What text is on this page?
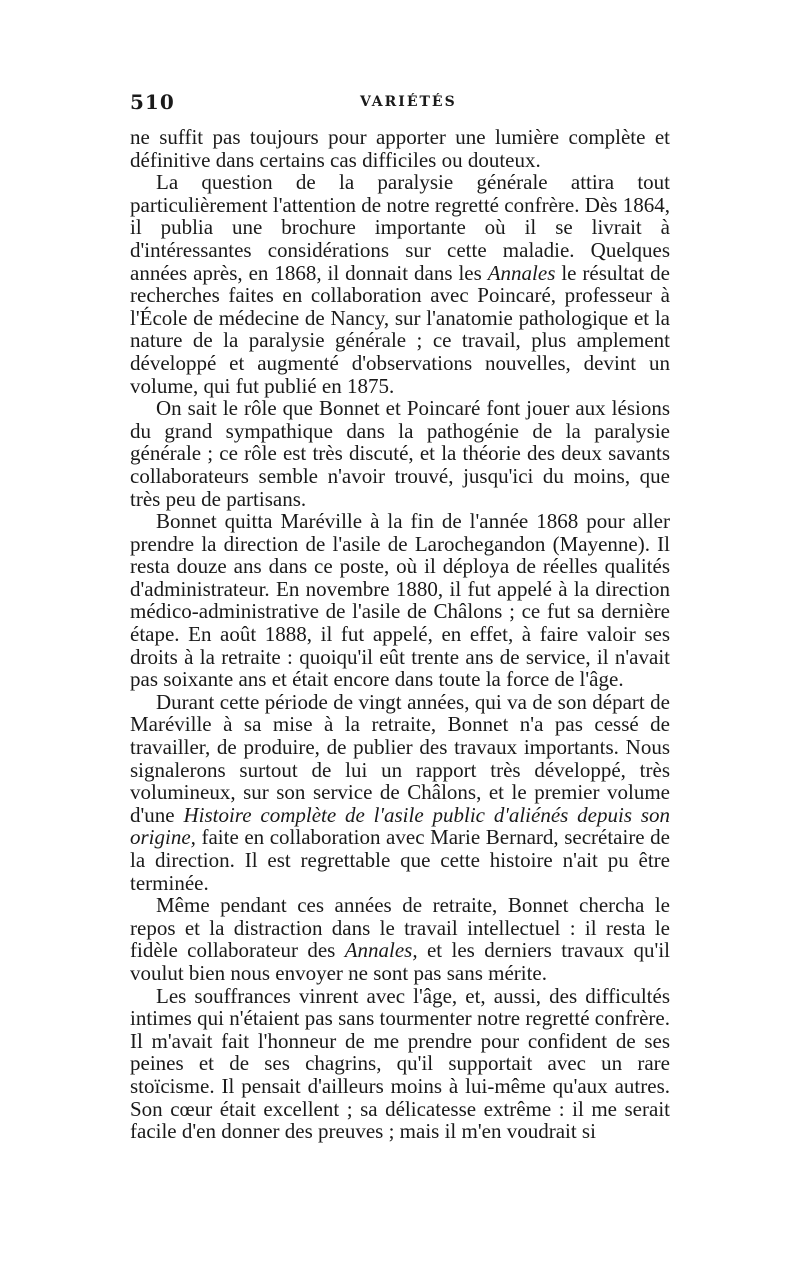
510	VARIÉTÉS

ne suffit pas toujours pour apporter une lumière complète et définitive dans certains cas difficiles ou douteux.

La question de la paralysie générale attira tout particulièrement l'attention de notre regretté confrère. Dès 1864, il publia une brochure importante où il se livrait à d'intéressantes considérations sur cette maladie. Quelques années après, en 1868, il donnait dans les Annales le résultat de recherches faites en collaboration avec Poincaré, professeur à l'École de médecine de Nancy, sur l'anatomie pathologique et la nature de la paralysie générale ; ce travail, plus amplement développé et augmenté d'observations nouvelles, devint un volume, qui fut publié en 1875.

On sait le rôle que Bonnet et Poincaré font jouer aux lésions du grand sympathique dans la pathogénie de la paralysie générale ; ce rôle est très discuté, et la théorie des deux savants collaborateurs semble n'avoir trouvé, jusqu'ici du moins, que très peu de partisans.

Bonnet quitta Maréville à la fin de l'année 1868 pour aller prendre la direction de l'asile de Larochegandon (Mayenne). Il resta douze ans dans ce poste, où il déploya de réelles qualités d'administrateur. En novembre 1880, il fut appelé à la direction médico-administrative de l'asile de Châlons ; ce fut sa dernière étape. En août 1888, il fut appelé, en effet, à faire valoir ses droits à la retraite : quoiqu'il eût trente ans de service, il n'avait pas soixante ans et était encore dans toute la force de l'âge.

Durant cette période de vingt années, qui va de son départ de Maréville à sa mise à la retraite, Bonnet n'a pas cessé de travailler, de produire, de publier des travaux importants. Nous signalerons surtout de lui un rapport très développé, très volumineux, sur son service de Châlons, et le premier volume d'une Histoire complète de l'asile public d'aliénés depuis son origine, faite en collaboration avec Marie Bernard, secrétaire de la direction. Il est regrettable que cette histoire n'ait pu être terminée.

Même pendant ces années de retraite, Bonnet chercha le repos et la distraction dans le travail intellectuel : il resta le fidèle collaborateur des Annales, et les derniers travaux qu'il voulut bien nous envoyer ne sont pas sans mérite.

Les souffrances vinrent avec l'âge, et, aussi, des difficultés intimes qui n'étaient pas sans tourmenter notre regretté confrère. Il m'avait fait l'honneur de me prendre pour confident de ses peines et de ses chagrins, qu'il supportait avec un rare stoïcisme. Il pensait d'ailleurs moins à lui-même qu'aux autres. Son cœur était excellent ; sa délicatesse extrême : il me serait facile d'en donner des preuves ; mais il m'en voudrait si
